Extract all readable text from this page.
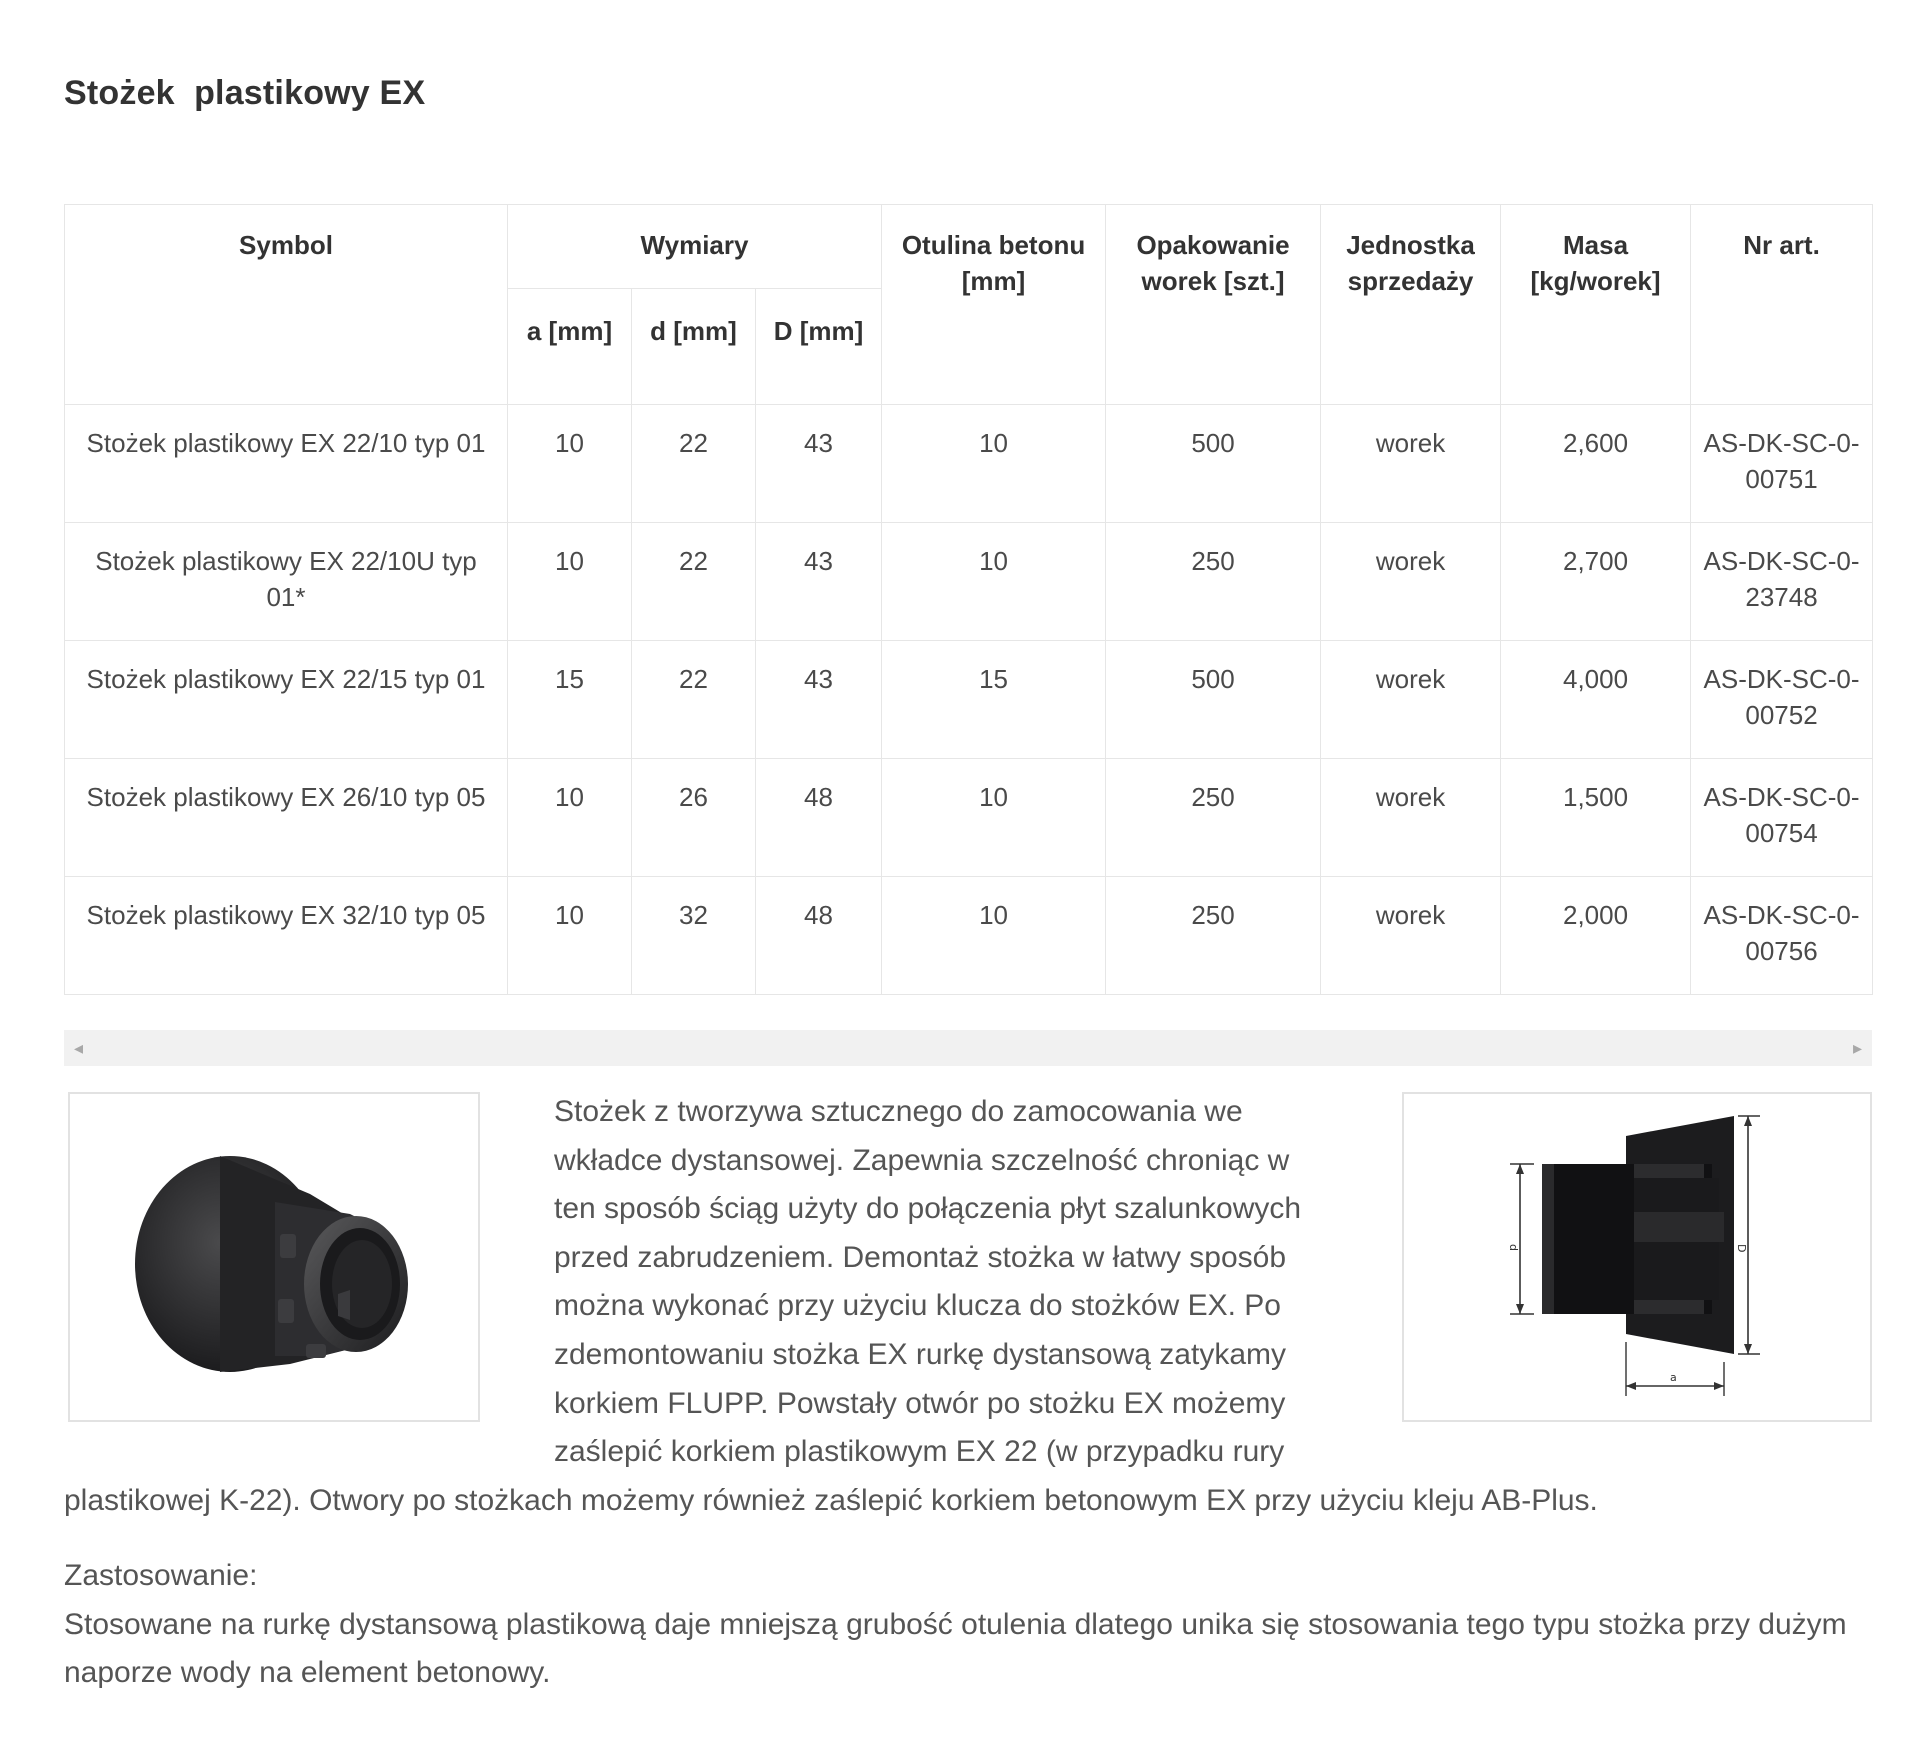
Stożek  plastikowy EX
Symbol	Wymiary			Otulina betonu [mm]	Opakowanie worek [szt.]	Jednostka sprzedaży	Masa [kg/worek]	Nr art.
	a [mm]	d [mm]	D [mm]					
Stożek plastikowy EX 22/10 typ 01	10	22	43	10	500	worek	2,600	AS-DK-SC-0-00751
Stożek plastikowy EX 22/10U typ 01*	10	22	43	10	250	worek	2,700	AS-DK-SC-0-23748
Stożek plastikowy EX 22/15 typ 01	15	22	43	15	500	worek	4,000	AS-DK-SC-0-00752
Stożek plastikowy EX 26/10 typ 05	10	26	48	10	250	worek	1,500	AS-DK-SC-0-00754
Stożek plastikowy EX 32/10 typ 05	10	32	48	10	250	worek	2,000	AS-DK-SC-0-00756
◂	▸
d	D
a

Stożek z tworzywa sztucznego do zamocowania we wkładce dystansowej. Zapewnia szczelność chroniąc w ten sposób ściąg użyty do połączenia płyt szalunkowych przed zabrudzeniem. Demontaż stożka w łatwy sposób można wykonać przy użyciu klucza do stożków EX. Po zdemontowaniu stożka EX rurkę dystansową zatykamy korkiem FLUPP. Powstały otwór po stożku EX możemy zaślepić korkiem plastikowym EX 22 (w przypadku rury plastikowej K-22). Otwory po stożkach możemy również zaślepić korkiem betonowym EX przy użyciu kleju AB-Plus.

Zastosowanie:

Stosowane na rurkę dystansową plastikową daje mniejszą grubość otulenia dlatego unika się stosowania tego typu stożka przy dużym naporze wody na element betonowy.
